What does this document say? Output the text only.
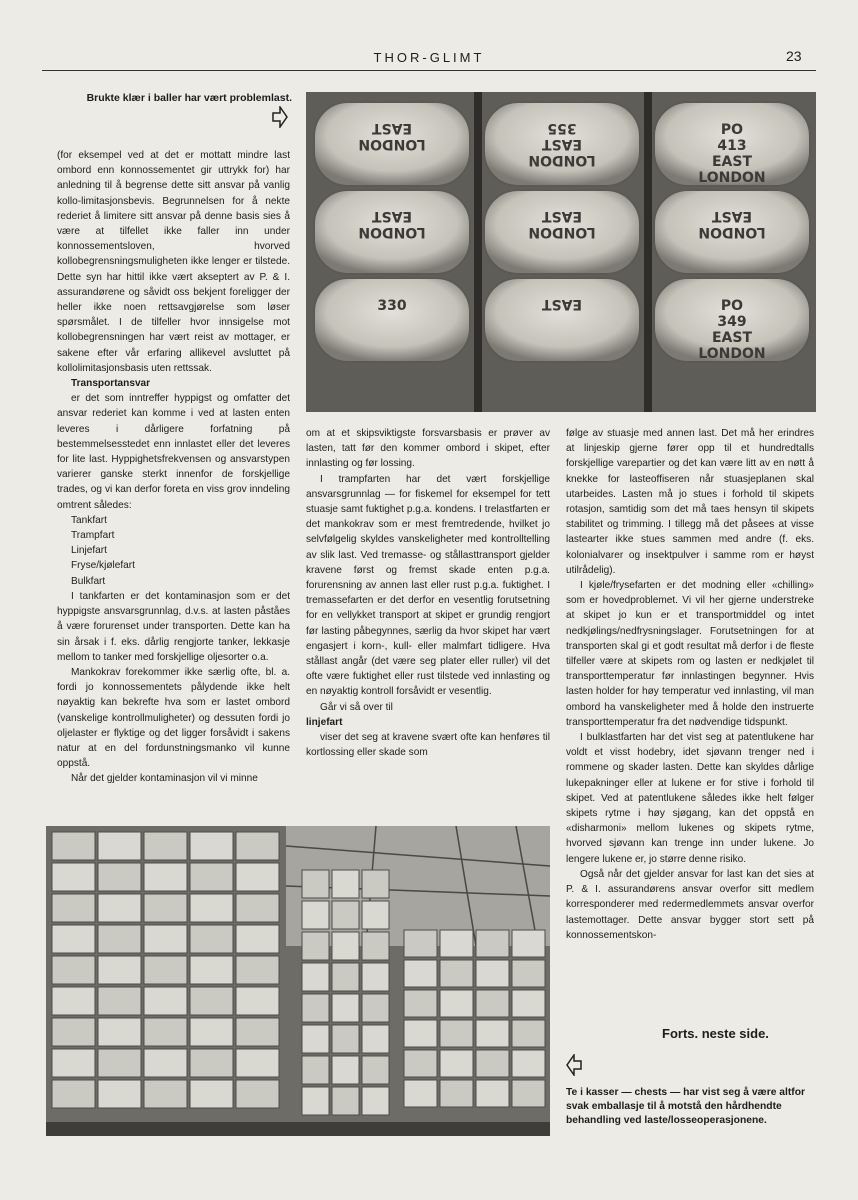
THOR-GLIMT	23
Brukte klær i baller har vært problemlast.
EAST
LONDON
355
EAST
LONDON
PO
413
EAST
LONDON
EAST
LONDON
EAST
LONDON
EAST
LONDON
330	EAST	PO
349
EAST
LONDON

(for eksempel ved at det er mottatt mindre last ombord enn konnossementet gir uttrykk for) har anledning til å begrense dette sitt ansvar på vanlig kollo-limitasjonsbevis. Begrunnelsen for å nekte rederiet å limitere sitt ansvar på denne basis sies å være at tilfellet ikke faller inn under konnossementsloven, hvorved kollobegrensningsmuligheten ikke lenger er tilstede. Dette syn har hittil ikke vært akseptert av P. & I. assurandørene og såvidt oss bekjent foreligger der heller ikke noen rettsavgjørelse som løser spørsmålet. I de tilfeller hvor innsigelse mot kollobegrensningen har vært reist av mottager, er sakene efter vår erfaring allikevel avsluttet på kollolimitasjonsbasis uten rettssak.

Transportansvar

er det som inntreffer hyppigst og omfatter det ansvar rederiet kan komme i ved at lasten enten leveres i dårligere forfatning på bestemmelsesstedet enn innlastet eller det leveres for lite last. Hyppighetsfrekvensen og ansvarstypen varierer ganske sterkt innenfor de forskjellige trades, og vi kan derfor foreta en viss grov inndeling omtrent således:

Tankfart

Trampfart

Linjefart

Fryse/kjølefart

Bulkfart

I tankfarten er det kontaminasjon som er det hyppigste ansvarsgrunnlag, d.v.s. at lasten påståes å være forurenset under transporten. Dette kan ha sin årsak i f. eks. dårlig rengjorte tanker, lekkasje mellom to tanker med forskjellige oljesorter o.a.

Mankokrav forekommer ikke særlig ofte, bl. a. fordi jo konnossementets pålydende ikke helt nøyaktig kan bekrefte hva som er lastet ombord (vanskelige kontrollmuligheter) og dessuten fordi jo oljelaster er flyktige og det ligger forsåvidt i sakens natur at en del fordunstningsmanko vil kunne oppstå.

Når det gjelder kontaminasjon vil vi minne

om at et skipsviktigste forsvarsbasis er prøver av lasten, tatt før den kommer ombord i skipet, efter innlasting og før lossing.

I trampfarten har det vært forskjellige ansvarsgrunnlag — for fiskemel for eksempel for tett stuasje samt fuktighet p.g.a. kondens. I trelastfarten er det mankokrav som er mest fremtredende, hvilket jo selvfølgelig skyldes vanskeligheter med kontrolltelling av slik last. Ved tremasse- og stållasttransport gjelder kravene først og fremst skade enten p.g.a. forurensning av annen last eller rust p.g.a. fuktighet. I tremassefarten er det derfor en vesentlig forutsetning for en vellykket transport at skipet er grundig rengjort før lasting påbegynnes, særlig da hvor skipet har vært engasjert i korn-, kull- eller malmfart tidligere. Hva stållast angår (det være seg plater eller ruller) vil det ofte være fuktighet eller rust tilstede ved innlasting og en nøyaktig kontroll forsåvidt er vesentlig.

Går vi så over til

linjefart

viser det seg at kravene svært ofte kan henføres til kortlossing eller skade som

følge av stuasje med annen last. Det må her erindres at linjeskip gjerne fører opp til et hundredtalls forskjellige varepartier og det kan være litt av en nøtt å knekke for lasteoffiseren når stuasjeplanen skal utarbeides. Lasten må jo stues i forhold til skipets rotasjon, samtidig som det må taes hensyn til skipets stabilitet og trimming. I tillegg må det påsees at visse lastearter ikke stues sammen med andre (f. eks. kolonialvarer og insektpulver i samme rom er høyst utilrådelig).

I kjøle/frysefarten er det modning eller «chilling» som er hovedproblemet. Vi vil her gjerne understreke at skipet jo kun er et transportmiddel og intet nedkjølings/nedfrysningslager. Forutsetningen for at transporten skal gi et godt resultat må derfor i de fleste tilfeller være at skipets rom og lasten er nedkjølet til transporttemperatur før innlastingen begynner. Hvis lasten holder for høy temperatur ved innlasting, vil man ombord ha vanskeligheter med å holde den instruerte transporttemperatur fra det nødvendige tidspunkt.

I bulklastfarten har det vist seg at patentlukene har voldt et visst hodebry, idet sjøvann trenger ned i rommene og skader lasten. Dette kan skyldes dårlige lukepakninger eller at lukene er for stive i forhold til skipet. Ved at patentlukene således ikke helt følger skipets rytme i høy sjøgang, kan det oppstå en «disharmoni» mellom lukenes og skipets rytme, hvorved sjøvann kan trenge inn under lukene. Jo lengere lukene er, jo større denne risiko.

Også når det gjelder ansvar for last kan det sies at P. & I. assurandørens ansvar overfor sitt medlem korresponderer med redermedlemmets ansvar overfor lastemottager. Dette ansvar bygger stort sett på konnossementskon-

Forts. neste side.
Te i kasser — chests — har vist seg å være altfor svak emballasje til å motstå den hårdhendte behandling ved laste/losseoperasjonene.
